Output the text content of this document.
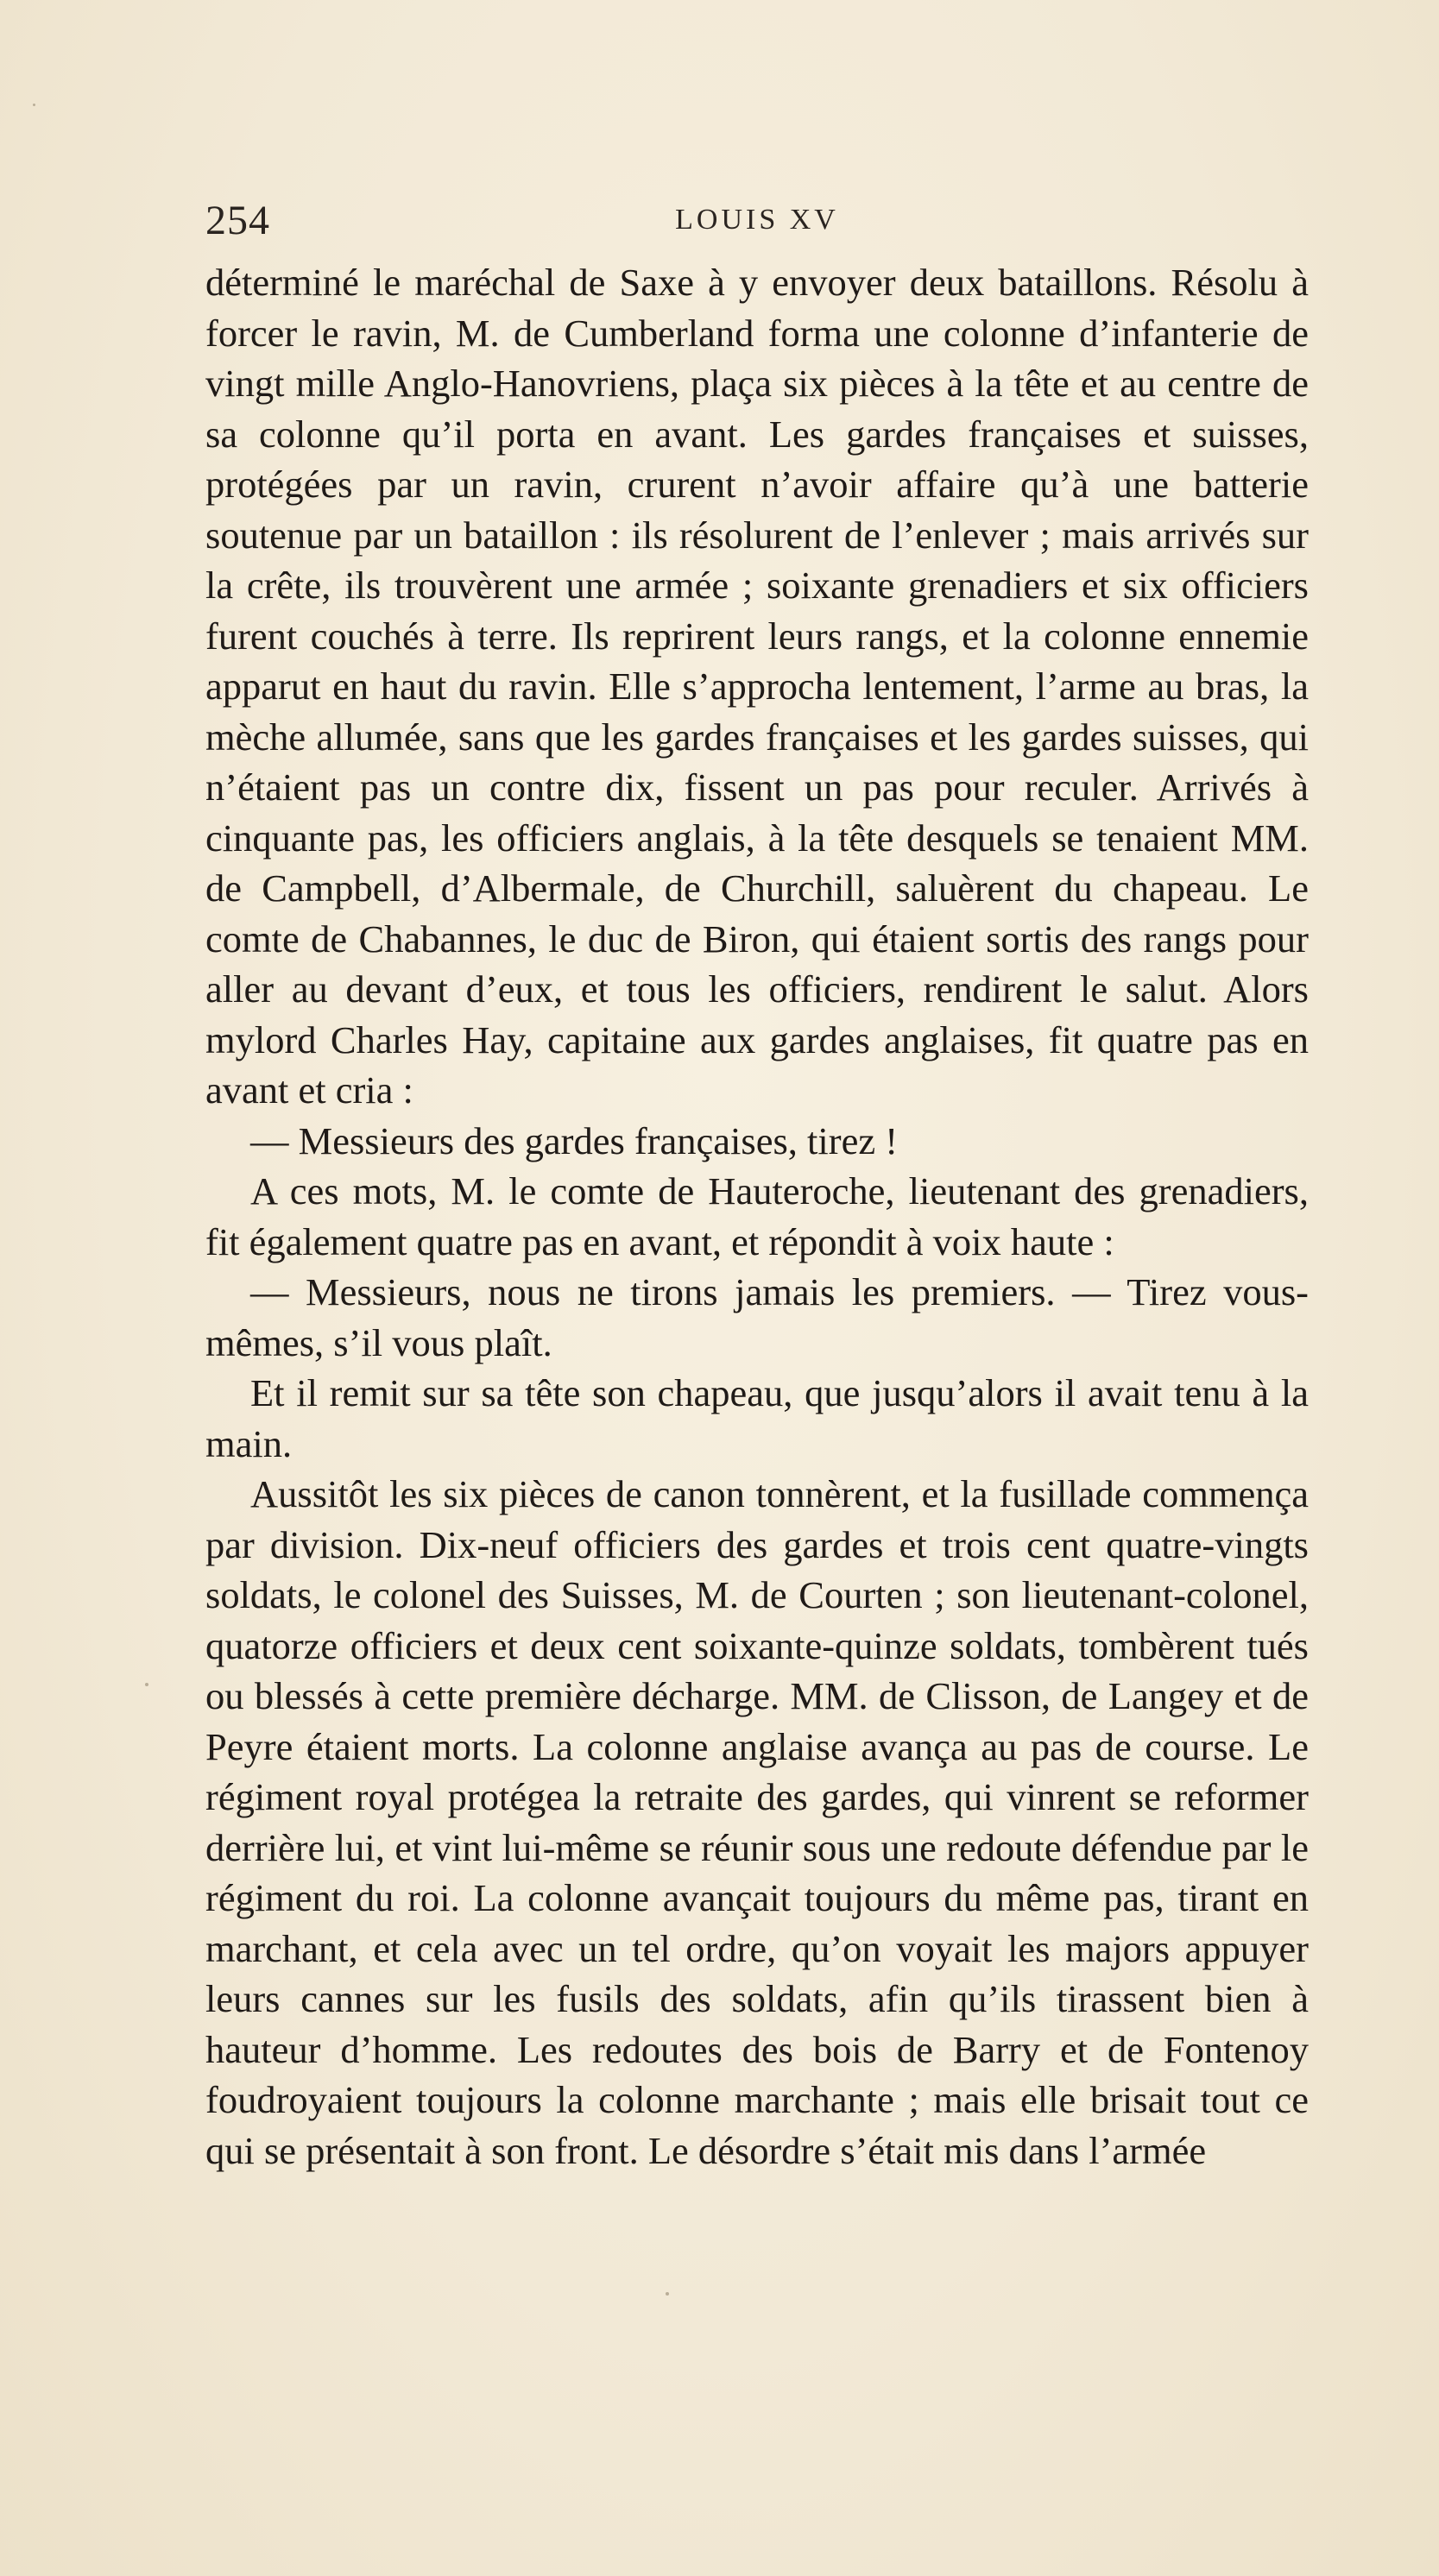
254	LOUIS XV

déterminé le maréchal de Saxe à y envoyer deux bataillons. Résolu à forcer le ravin, M. de Cumberland forma une colonne d’infanterie de vingt mille Anglo-Hanovriens, plaça six pièces à la tête et au centre de sa colonne qu’il porta en avant. Les gardes françaises et suisses, protégées par un ravin, crurent n’avoir affaire qu’à une batterie soutenue par un bataillon : ils résolurent de l’enlever ; mais arrivés sur la crête, ils trouvèrent une armée ; soixante grenadiers et six officiers furent couchés à terre. Ils reprirent leurs rangs, et la colonne ennemie apparut en haut du ravin. Elle s’approcha lentement, l’arme au bras, la mèche allumée, sans que les gardes françaises et les gardes suisses, qui n’étaient pas un contre dix, fissent un pas pour reculer. Arrivés à cinquante pas, les officiers anglais, à la tête desquels se tenaient MM. de Campbell, d’Albermale, de Churchill, saluèrent du chapeau. Le comte de Chabannes, le duc de Biron, qui étaient sortis des rangs pour aller au devant d’eux, et tous les officiers, rendirent le salut. Alors mylord Charles Hay, capitaine aux gardes anglaises, fit quatre pas en avant et cria :

— Messieurs des gardes françaises, tirez !

A ces mots, M. le comte de Hauteroche, lieutenant des grenadiers, fit également quatre pas en avant, et répondit à voix haute :

— Messieurs, nous ne tirons jamais les premiers. — Tirez vous-mêmes, s’il vous plaît.

Et il remit sur sa tête son chapeau, que jusqu’alors il avait tenu à la main.

Aussitôt les six pièces de canon tonnèrent, et la fusillade commença par division. Dix-neuf officiers des gardes et trois cent quatre-vingts soldats, le colonel des Suisses, M. de Courten ; son lieutenant-colonel, quatorze officiers et deux cent soixante-quinze soldats, tombèrent tués ou blessés à cette première décharge. MM. de Clisson, de Langey et de Peyre étaient morts. La colonne anglaise avança au pas de course. Le régiment royal protégea la retraite des gardes, qui vinrent se reformer derrière lui, et vint lui-même se réunir sous une redoute défendue par le régiment du roi. La colonne avançait toujours du même pas, tirant en marchant, et cela avec un tel ordre, qu’on voyait les majors appuyer leurs cannes sur les fusils des soldats, afin qu’ils tirassent bien à hauteur d’homme. Les redoutes des bois de Barry et de Fontenoy foudroyaient toujours la colonne marchante ; mais elle brisait tout ce qui se présentait à son front. Le désordre s’était mis dans l’armée
